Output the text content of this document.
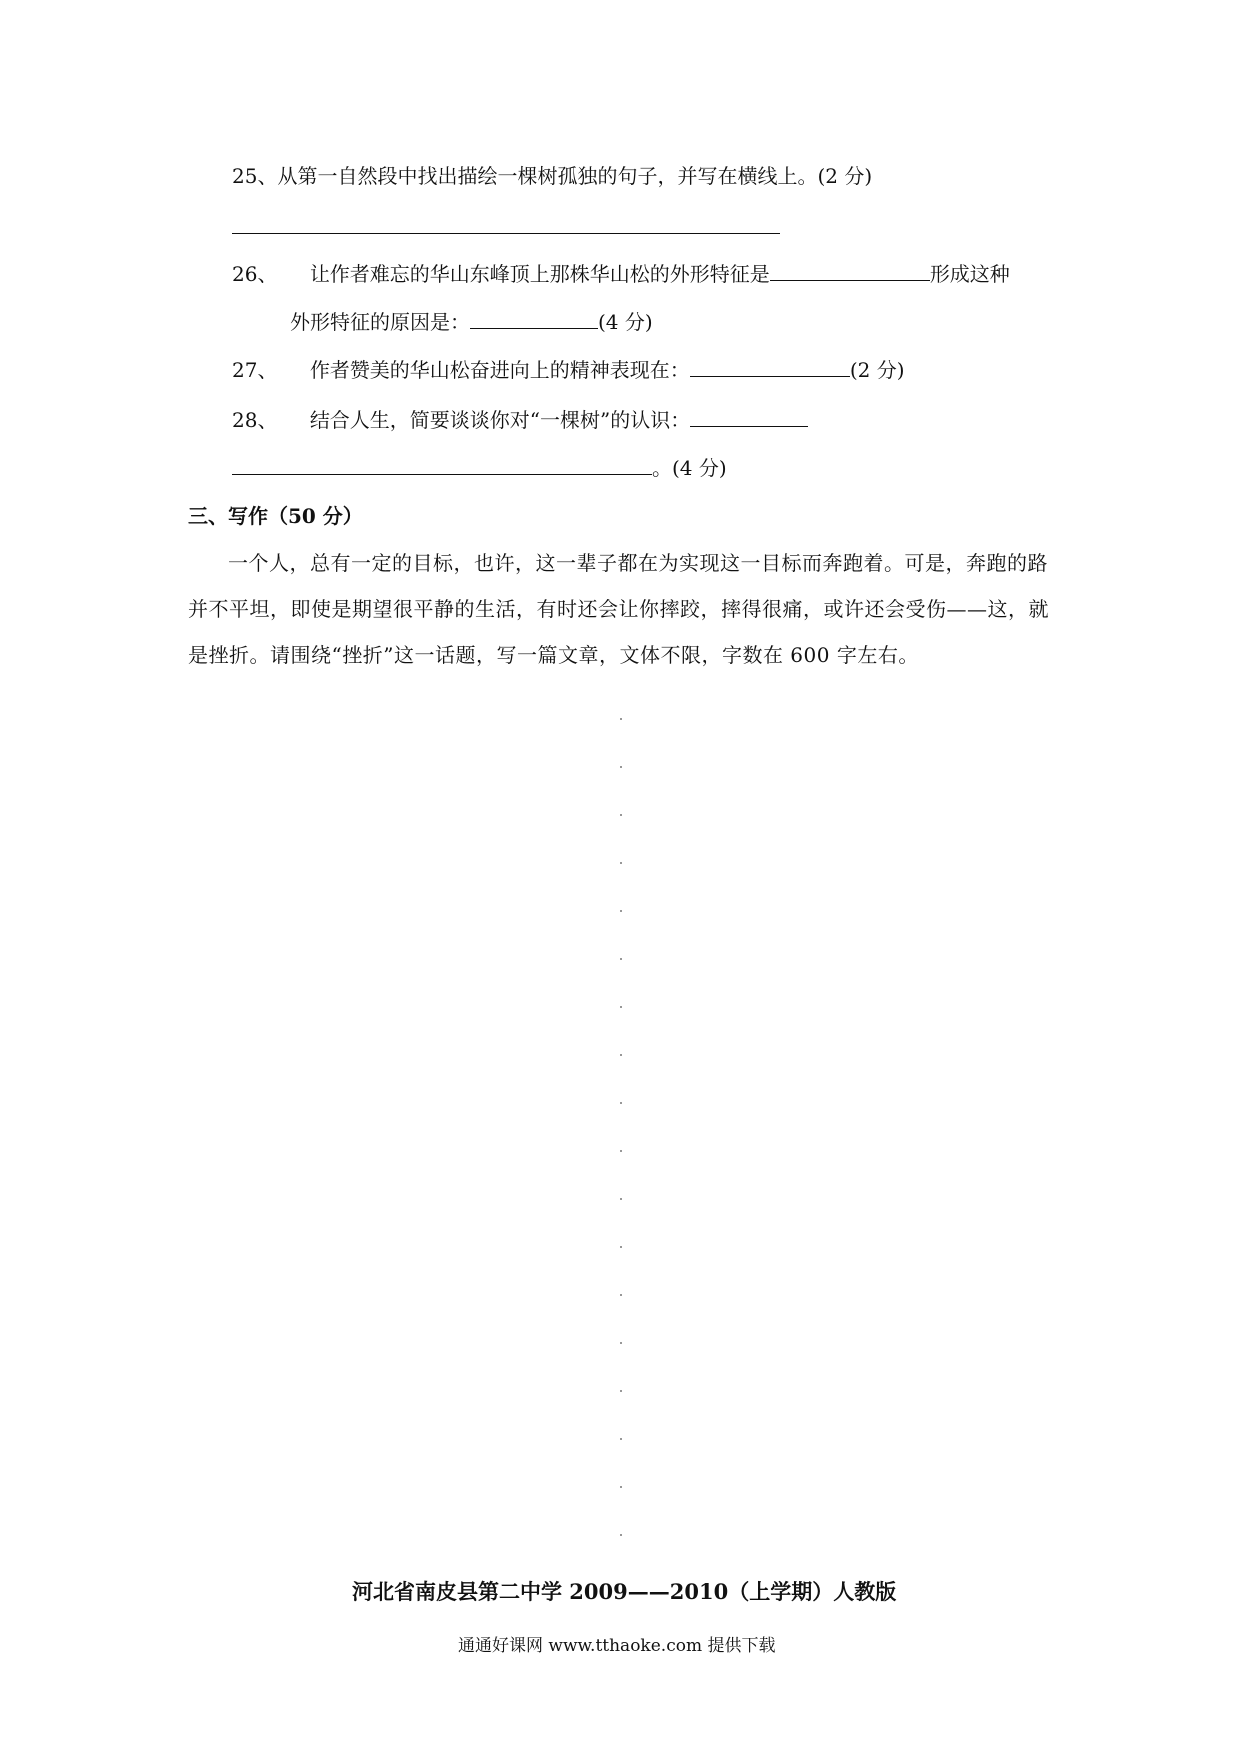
25、从第一自然段中找出描绘一棵树孤独的句子，并写在横线上。(2 分)
26、 让作者难忘的华山东峰顶上那株华山松的外形特征是	形成这种
外形特征的原因是：	(4 分)
27、 作者赞美的华山松奋进向上的精神表现在：	(2 分)
28、 结合人生，简要谈谈你对“一棵树”的认识：
。(4 分)
三、写作（50 分）
一个人，总有一定的目标，也许，这一辈子都在为实现这一目标而奔跑着。可是，奔跑的路并不平坦，即使是期望很平静的生活，有时还会让你摔跤，摔得很痛，或许还会受伤——这，就是挫折。请围绕“挫折”这一话题，写一篇文章，文体不限，字数在 600 字左右。
河北省南皮县第二中学 2009——2010（上学期）人教版
通通好课网 www.tthaoke.com 提供下载
